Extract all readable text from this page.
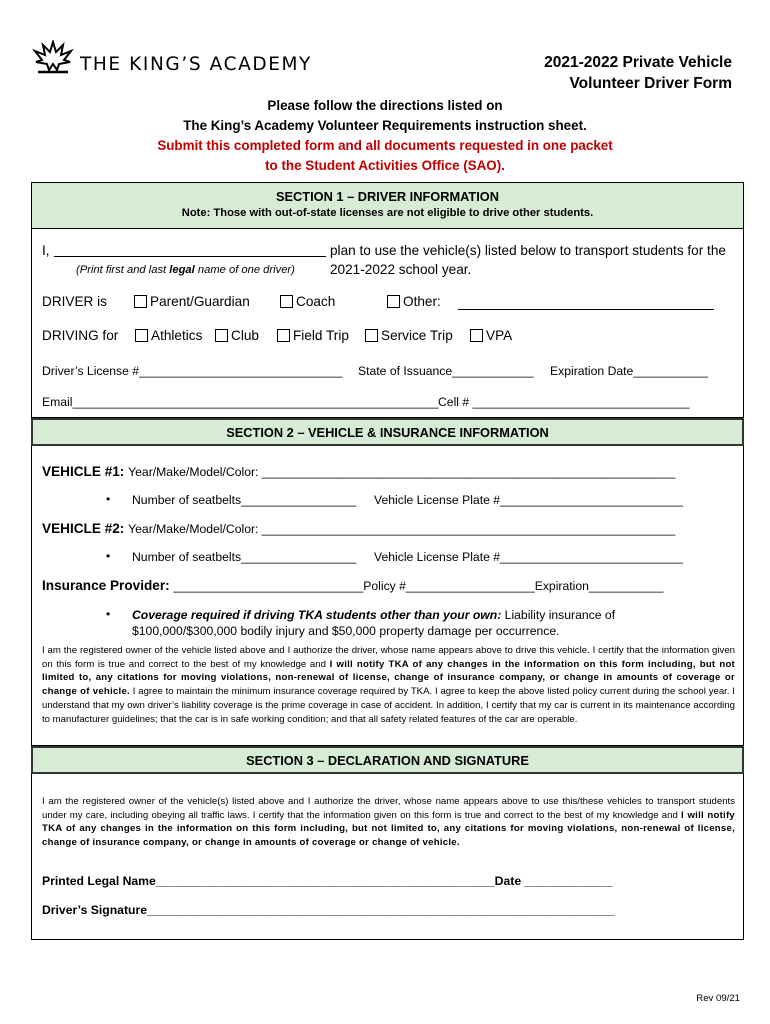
THE KING’S ACADEMY	2021-2022 Private Vehicle
Volunteer Driver Form
Please follow the directions listed on
The King’s Academy Volunteer Requirements instruction sheet.
Submit this completed form and all documents requested in one packet
to the Student Activities Office (SAO).
SECTION 1 – DRIVER INFORMATION
Note: Those with out-of-state licenses are not eligible to drive other students.
I,	plan to use the vehicle(s) listed below to transport students for the
2021-2022 school year.
(Print first and last legal name of one driver)
DRIVER is	Parent/Guardian	Coach	Other:
DRIVING for	Athletics	Club	Field Trip	Service Trip	VPA
Driver’s License #______________________________ State of Issuance____________ Expiration Date___________
Email______________________________________________________ Cell # ________________________________
SECTION 2 – VEHICLE & INSURANCE INFORMATION
VEHICLE #1: Year/Make/Model/Color: _____________________________________________________________
• Number of seatbelts_________________ Vehicle License Plate #___________________________
VEHICLE #2: Year/Make/Model/Color: _____________________________________________________________
• Number of seatbelts_________________ Vehicle License Plate #___________________________
Insurance Provider: ____________________________Policy #___________________Expiration___________
• Coverage required if driving TKA students other than your own: Liability insurance of
$100,000/$300,000 bodily injury and $50,000 property damage per occurrence.
I am the registered owner of the vehicle listed above and I authorize the driver, whose name appears above to drive this vehicle. I certify that the information given on this form is true and correct to the best of my knowledge and I will notify TKA of any changes in the information on this form including, but not limited to, any citations for moving violations, non-renewal of license, change of insurance company, or change in amounts of coverage or change of vehicle. I agree to maintain the minimum insurance coverage required by TKA. I agree to keep the above listed policy current during the school year. I understand that my own driver’s liability coverage is the prime coverage in case of accident. In addition, I certify that my car is current in its maintenance according to manufacturer guidelines; that the car is in safe working condition; and that all safety related features of the car are operable.
SECTION 3 – DECLARATION AND SIGNATURE
I am the registered owner of the vehicle(s) listed above and I authorize the driver, whose name appears above to use this/these vehicles to transport students under my care, including obeying all traffic laws. I certify that the information given on this form is true and correct to the best of my knowledge and I will notify TKA of any changes in the information on this form including, but not limited to, any citations for moving violations, non-renewal of license, change of insurance company, or change in amounts of coverage or change of vehicle.
Printed Legal Name__________________________________________________Date _____________
Driver’s Signature_____________________________________________________________________
Rev 09/21
